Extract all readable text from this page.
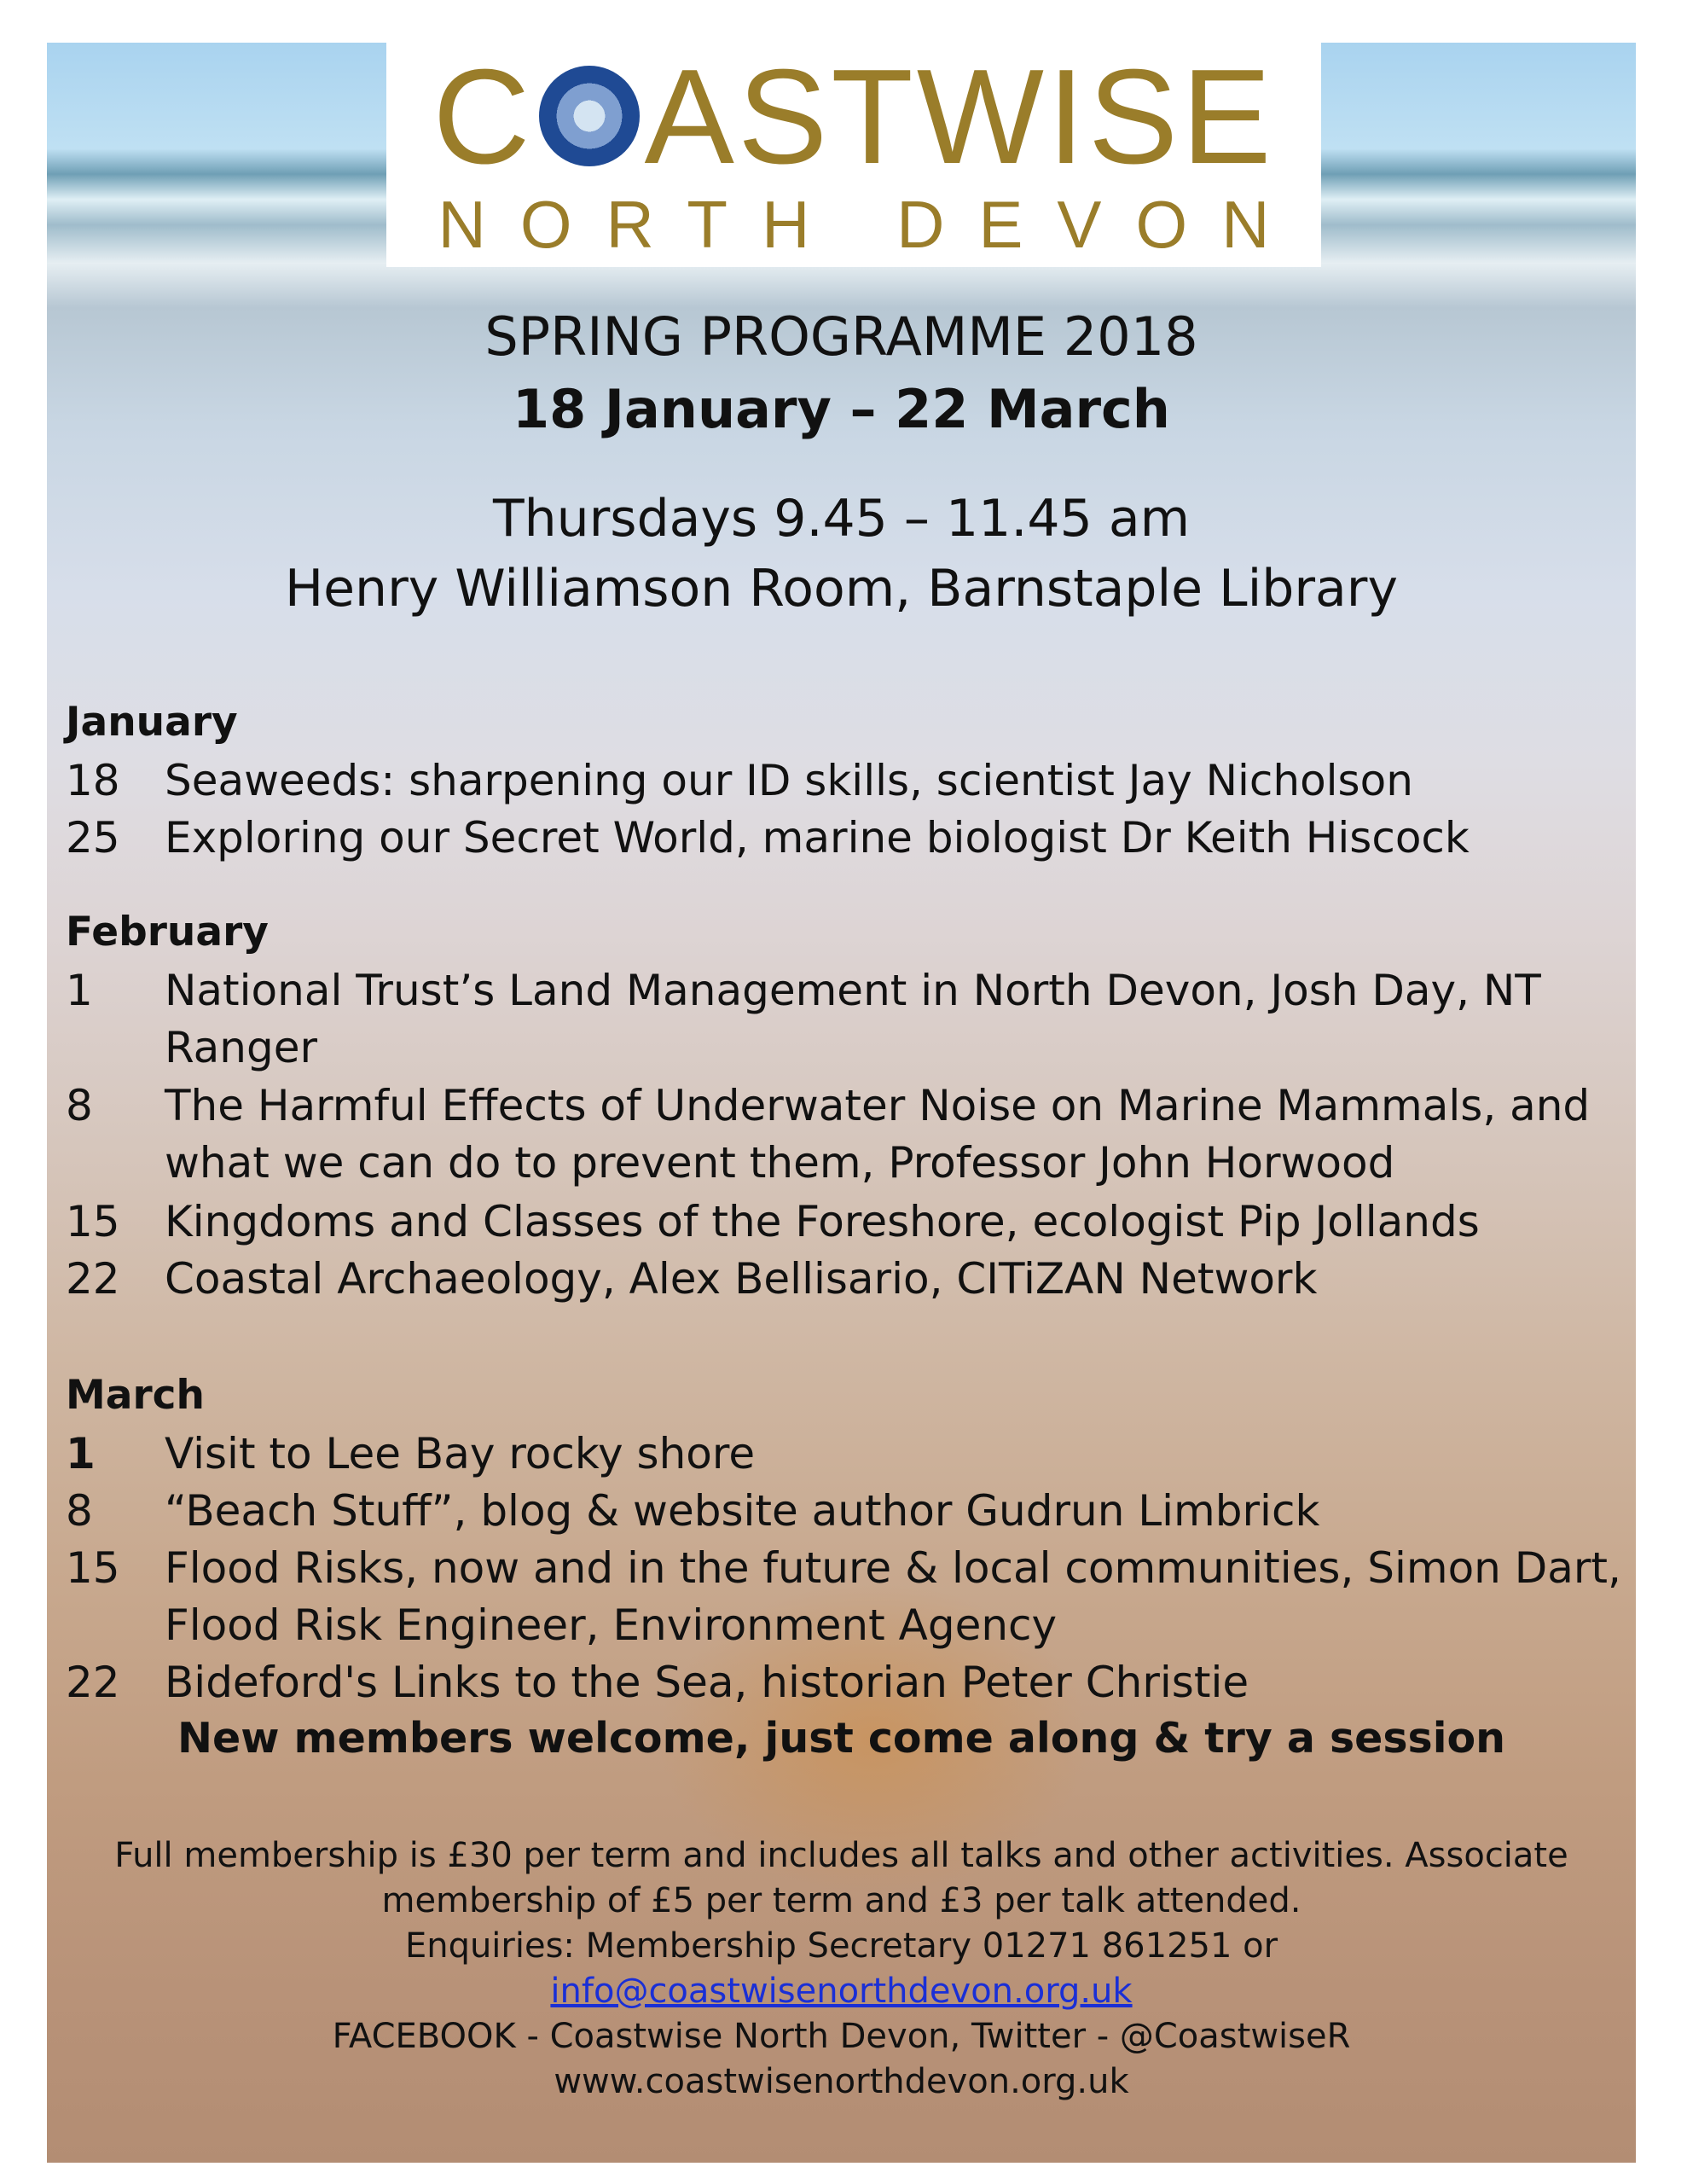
C ASTWISE
NORTH DEVON
SPRING PROGRAMME 2018
18 January – 22 March
Thursdays 9.45 – 11.45 am
Henry Williamson Room, Barnstaple Library
January
18	Seaweeds: sharpening our ID skills, scientist Jay Nicholson
25	Exploring our Secret World, marine biologist Dr Keith Hiscock
February
1	National Trust’s Land Management in North Devon, Josh Day, NT Ranger
8	The Harmful Effects of Underwater Noise on Marine Mammals, and what we can do to prevent them, Professor John Horwood
15	Kingdoms and Classes of the Foreshore, ecologist Pip Jollands
22	Coastal Archaeology, Alex Bellisario, CITiZAN Network
March
1	Visit to Lee Bay rocky shore
8	“Beach Stuff”, blog & website author Gudrun Limbrick
15	Flood Risks, now and in the future & local communities, Simon Dart, Flood Risk Engineer, Environment Agency
22	Bideford's Links to the Sea, historian Peter Christie
New members welcome, just come along & try a session
Full membership is £30 per term and includes all talks and other activities. Associate
membership of £5 per term and £3 per talk attended.
Enquiries: Membership Secretary 01271 861251 or
info@coastwisenorthdevon.org.uk
FACEBOOK - Coastwise North Devon, Twitter - @CoastwiseR
www.coastwisenorthdevon.org.uk
